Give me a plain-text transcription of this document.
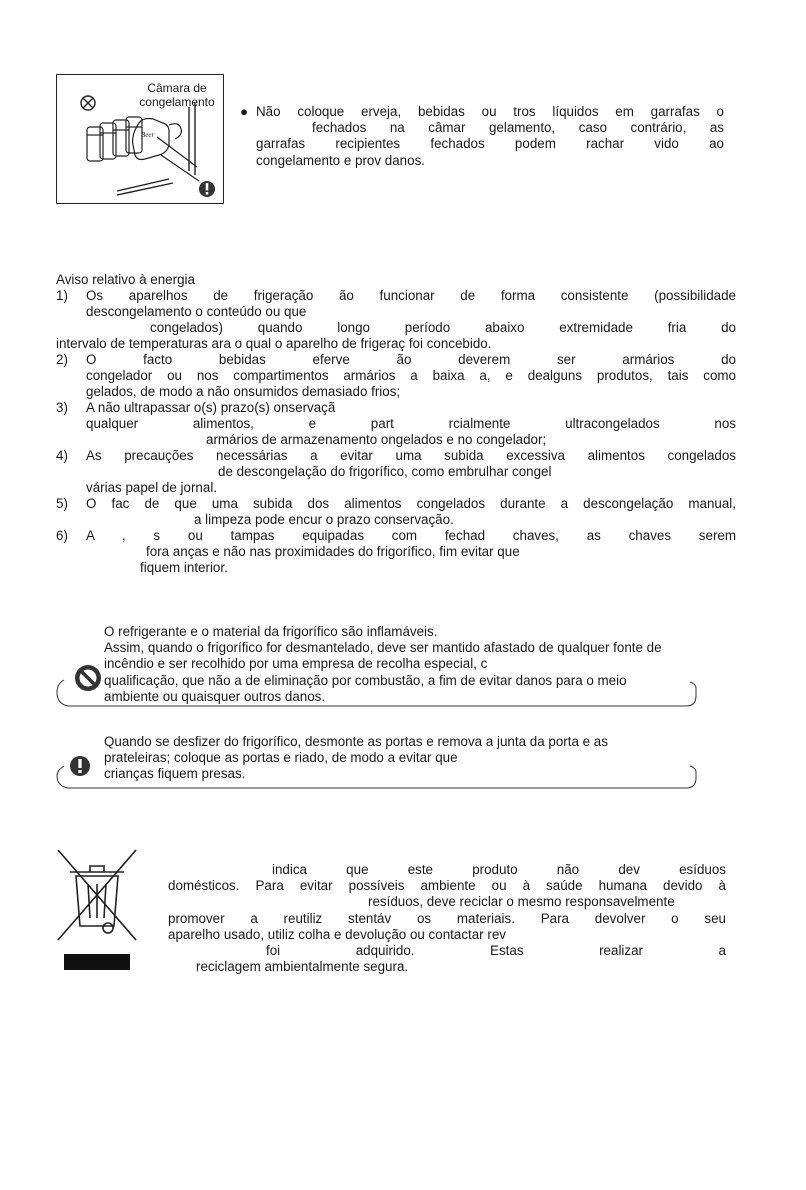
Câmara de
congelamento
Beer
● Não coloque erveja, bebidas ou tros líquidos em garrafas o
fechados na câmar gelamento, caso contrário, as
garrafas recipientes fechados podem rachar vido ao
congelamento e prov danos.
Aviso relativo à energia
1) Os aparelhos de frigeração ão funcionar de forma consistente (possibilidade
descongelamento o conteúdo ou que
congelados) quando longo período abaixo extremidade fria do
intervalo de temperaturas ara o qual o aparelho de frigeraç foi concebido.
2) O facto bebidas eferve ão deverem ser armários do
congelador ou nos compartimentos armários a baixa a, e dealguns produtos, tais como
gelados, de modo a não onsumidos demasiado frios;
3) A não ultrapassar o(s) prazo(s) onservaçã
qualquer alimentos, e part rcialmente ultracongelados nos
armários de armazenamento ongelados e no congelador;
4) As precauções necessárias a evitar uma subida excessiva alimentos congelados
de descongelação do frigorífico, como embrulhar congel
várias papel de jornal.
5) O fac de que uma subida dos alimentos congelados durante a descongelação manual,
a limpeza pode encur o prazo conservação.
6) A , s ou tampas equipadas com fechad chaves, as chaves serem
fora anças e não nas proximidades do frigorífico, fim evitar que
fiquem interior.
O refrigerante e o material da frigorífico são inflamáveis.
Assim, quando o frigorífico for desmantelado, deve ser mantido afastado de qualquer fonte de
incêndio e ser recolhido por uma empresa de recolha especial, c
qualificação, que não a de eliminação por combustão, a fim de evitar danos para o meio
ambiente ou quaisquer outros danos.
Quando se desfizer do frigorífico, desmonte as portas e remova a junta da porta e as
prateleiras; coloque as portas e riado, de modo a evitar que
crianças fiquem presas.
indica que este produto não dev esíduos
domésticos. Para evitar possíveis ambiente ou à saúde humana devido à
resíduos, deve reciclar o mesmo responsavelmente
promover a reutiliz stentáv os materiais. Para devolver o seu
aparelho usado, utiliz colha e devolução ou contactar rev
foi adquirido. Estas realizar a
reciclagem ambientalmente segura.
